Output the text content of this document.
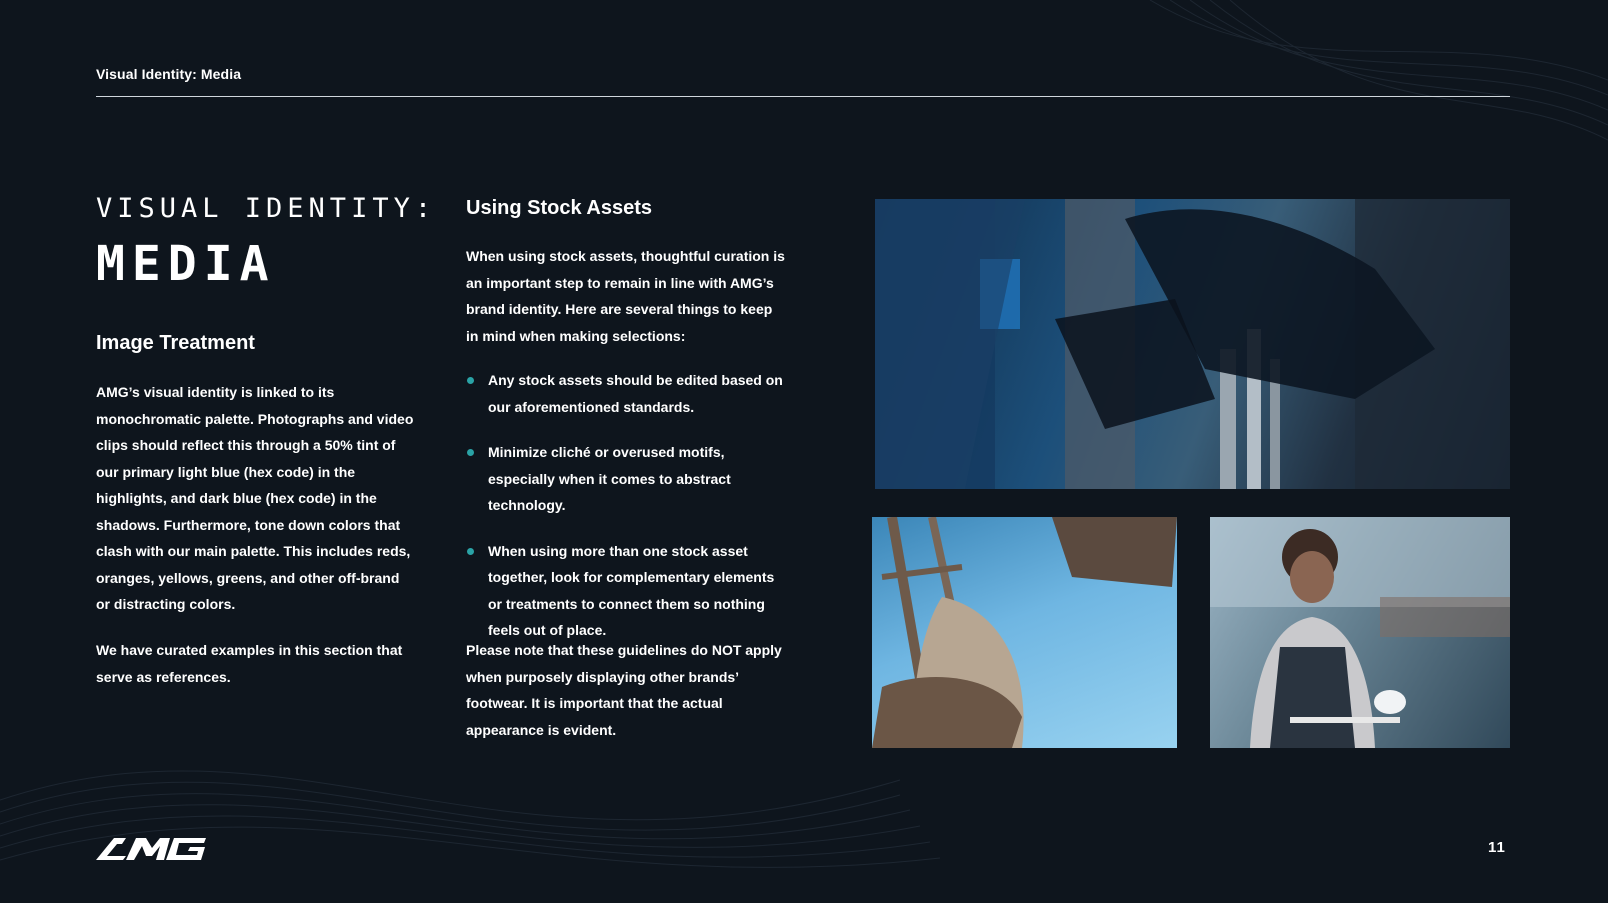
Visual Identity: Media
VISUAL IDENTITY:
MEDIA
Image Treatment

AMG’s visual identity is linked to its monochromatic palette. Photographs and video clips should reflect this through a 50% tint of our primary light blue (hex code) in the highlights, and dark blue (hex code) in the shadows. Furthermore, tone down colors that clash with our main palette. This includes reds, oranges, yellows, greens, and other off-brand or distracting colors.

We have curated examples in this section that serve as references.

Using Stock Assets

When using stock assets, thoughtful curation is an important step to remain in line with AMG’s brand identity. Here are several things to keep in mind when making selections:

Any stock assets should be edited based on our aforementioned standards.
Minimize cliché or overused motifs, especially when it comes to abstract technology.
When using more than one stock asset together, look for complementary elements or treatments to connect them so nothing feels out of place.

Please note that these guidelines do NOT apply when purposely displaying other brands’ footwear. It is important that the actual appearance is evident.

11
